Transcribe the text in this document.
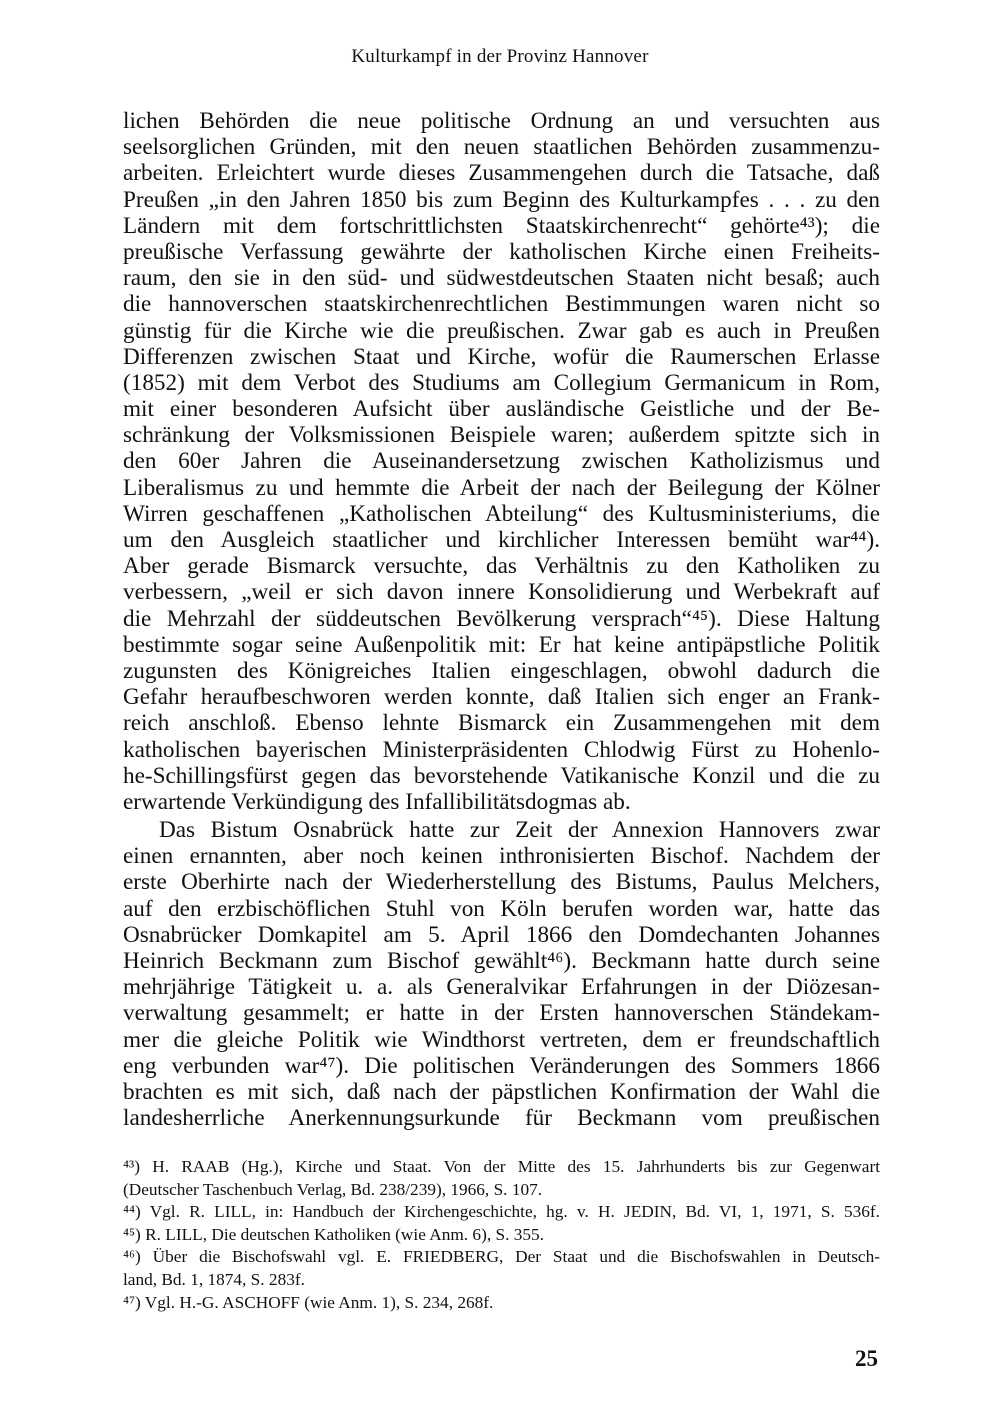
Kulturkampf in der Provinz Hannover
lichen Behörden die neue politische Ordnung an und versuchten aus
seelsorglichen Gründen, mit den neuen staatlichen Behörden zusammenzu-
arbeiten. Erleichtert wurde dieses Zusammengehen durch die Tatsache, daß
Preußen „in den Jahren 1850 bis zum Beginn des Kulturkampfes . . . zu den
Ländern mit dem fortschrittlichsten Staatskirchenrecht“ gehörte⁴³); die
preußische Verfassung gewährte der katholischen Kirche einen Freiheits-
raum, den sie in den süd- und südwestdeutschen Staaten nicht besaß; auch
die hannoverschen staatskirchenrechtlichen Bestimmungen waren nicht so
günstig für die Kirche wie die preußischen. Zwar gab es auch in Preußen
Differenzen zwischen Staat und Kirche, wofür die Raumerschen Erlasse
(1852) mit dem Verbot des Studiums am Collegium Germanicum in Rom,
mit einer besonderen Aufsicht über ausländische Geistliche und der Be-
schränkung der Volksmissionen Beispiele waren; außerdem spitzte sich in
den 60er Jahren die Auseinandersetzung zwischen Katholizismus und
Liberalismus zu und hemmte die Arbeit der nach der Beilegung der Kölner
Wirren geschaffenen „Katholischen Abteilung“ des Kultusministeriums, die
um den Ausgleich staatlicher und kirchlicher Interessen bemüht war⁴⁴).
Aber gerade Bismarck versuchte, das Verhältnis zu den Katholiken zu
verbessern, „weil er sich davon innere Konsolidierung und Werbekraft auf
die Mehrzahl der süddeutschen Bevölkerung versprach“⁴⁵). Diese Haltung
bestimmte sogar seine Außenpolitik mit: Er hat keine antipäpstliche Politik
zugunsten des Königreiches Italien eingeschlagen, obwohl dadurch die
Gefahr heraufbeschworen werden konnte, daß Italien sich enger an Frank-
reich anschloß. Ebenso lehnte Bismarck ein Zusammengehen mit dem
katholischen bayerischen Ministerpräsidenten Chlodwig Fürst zu Hohenlo-
he-Schillingsfürst gegen das bevorstehende Vatikanische Konzil und die zu
erwartende Verkündigung des Infallibilitätsdogmas ab.
Das Bistum Osnabrück hatte zur Zeit der Annexion Hannovers zwar
einen ernannten, aber noch keinen inthronisierten Bischof. Nachdem der
erste Oberhirte nach der Wiederherstellung des Bistums, Paulus Melchers,
auf den erzbischöflichen Stuhl von Köln berufen worden war, hatte das
Osnabrücker Domkapitel am 5. April 1866 den Domdechanten Johannes
Heinrich Beckmann zum Bischof gewählt⁴⁶). Beckmann hatte durch seine
mehrjährige Tätigkeit u. a. als Generalvikar Erfahrungen in der Diözesan-
verwaltung gesammelt; er hatte in der Ersten hannoverschen Ständekam-
mer die gleiche Politik wie Windthorst vertreten, dem er freundschaftlich
eng verbunden war⁴⁷). Die politischen Veränderungen des Sommers 1866
brachten es mit sich, daß nach der päpstlichen Konfirmation der Wahl die
landesherrliche Anerkennungsurkunde für Beckmann vom preußischen
⁴³) H. RAAB (Hg.), Kirche und Staat. Von der Mitte des 15. Jahrhunderts bis zur Gegenwart
(Deutscher Taschenbuch Verlag, Bd. 238/239), 1966, S. 107.
⁴⁴) Vgl. R. LILL, in: Handbuch der Kirchengeschichte, hg. v. H. JEDIN, Bd. VI, 1, 1971, S. 536f.
⁴⁵) R. LILL, Die deutschen Katholiken (wie Anm. 6), S. 355.
⁴⁶) Über die Bischofswahl vgl. E. FRIEDBERG, Der Staat und die Bischofswahlen in Deutsch-
land, Bd. 1, 1874, S. 283f.
⁴⁷) Vgl. H.-G. ASCHOFF (wie Anm. 1), S. 234, 268f.
25
